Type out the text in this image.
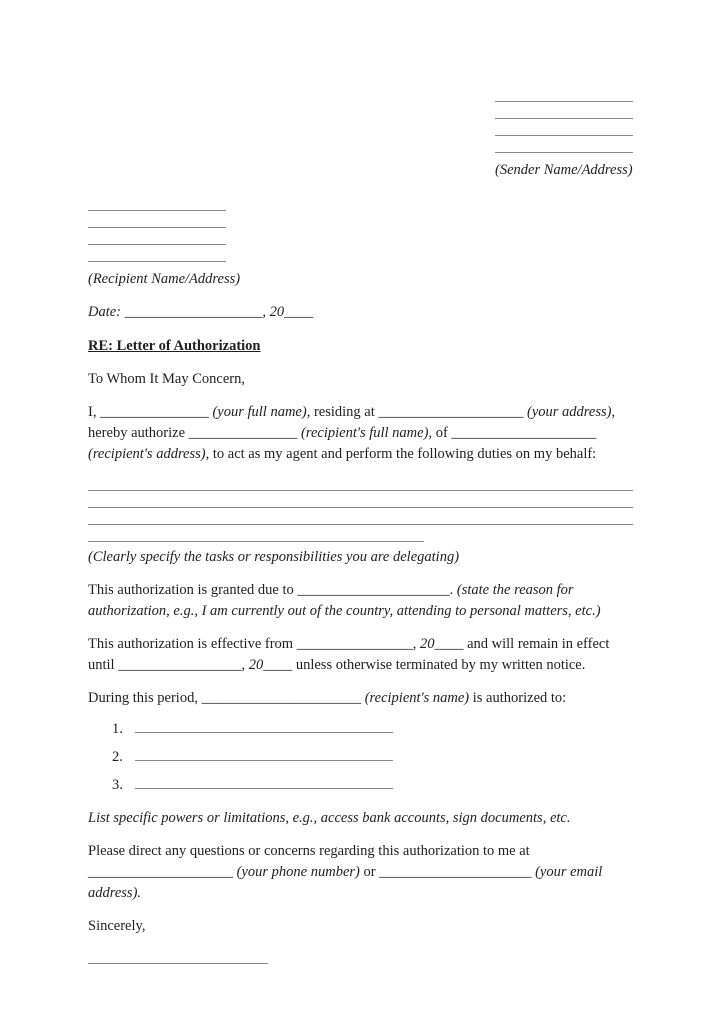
(Sender Name/Address)
(Recipient Name/Address)

Date: ___________________, 20____

RE: Letter of Authorization

To Whom It May Concern,

I, _______________ (your full name), residing at ____________________ (your address), hereby authorize _______________ (recipient's full name), of ____________________ (recipient's address), to act as my agent and perform the following duties on my behalf:

(Clearly specify the tasks or responsibilities you are delegating)

This authorization is granted due to _____________________. (state the reason for authorization, e.g., I am currently out of the country, attending to personal matters, etc.)

This authorization is effective from ________________, 20____ and will remain in effect until _________________, 20____ unless otherwise terminated by my written notice.

During this period, ______________________ (recipient's name) is authorized to:

1.
2.
3.

List specific powers or limitations, e.g., access bank accounts, sign documents, etc.

Please direct any questions or concerns regarding this authorization to me at ____________________ (your phone number) or _____________________ (your email address).

Sincerely,
